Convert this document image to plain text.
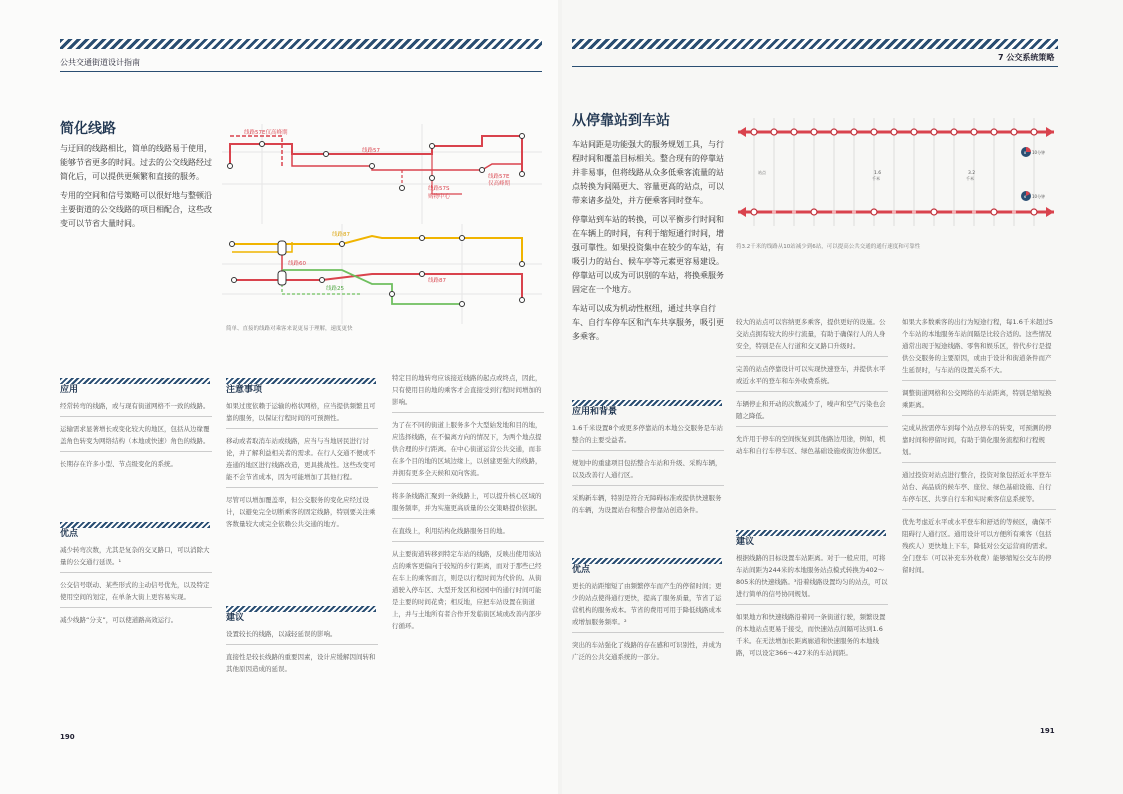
公共交通街道设计指南
简化线路

与迂回的线路相比，简单的线路易于使用，能够节省更多的时间。过去的公交线路经过简化后，可以提供更频繁和直接的服务。

专用的空间和信号策略可以很好地与整顿沿主要街道的公交线路的项目相配合，这些改变可以节省大量时间。

线路57E仅高峰期
线路57
线路57S
购物中心
线路57E
仅高峰期
线路87
线路60
线路87
线路25
简单、直接的线路对乘客来说更易于理解，速度更快
应用

经常转弯的线路，或与现有街道网格不一致的线路。

运输需求显著增长或变化较大的地区，包括从边缘覆盖角色转变为网络结构（本地或快速）角色的线路。

长期存在许多小型、节点级变化的系统。

优点

减少转弯次数，尤其是复杂的交叉路口，可以消除大量的公交通行延误。¹

公交信号联动、某些形式的主动信号优先，以及特定使用空间的划定，在单条大街上更容易实现。

减少线路“分支”，可以使道路高效运行。

注意事项

如果过度依赖于运输的格状网格，应当提供频繁且可靠的服务，以保证行程时间的可预测性。

移动或者取消车站或线路，应当与当地居民进行讨论，并了解利益相关者的需求。在行人交通不便或不连通的地区进行线路改造，更具挑战性。这些改变可能不会节省成本，因为可能增加了其他行程。

尽管可以增加覆盖率，但公交服务的变化应经过设计，以避免完全切断乘客的固定线路，特别要关注乘客数量较大或完全依赖公共交通的地方。

建议

设置较长的线路，以减轻延误的影响。

直接性是较长线路的重要因素，设计应缓解因间转和其他原因造成的延误。

特定目的地转弯应该接近线路的起点或终点，因此，只有使用目的地的乘客才会直接受到行程时间增加的影响。

为了在不同的街道上服务多个大型始发地和目的地，应选择线路，在不偏离方向的情况下，为两个地点提供合理的步行距离。在中心街道运营公共交通，而非在多个目的地的区域边缘上，以创建更强大的线路，并拥有更多全天候和双向客流。

将多条线路汇聚到一条线路上，可以提升核心区域的服务频率，并为实施更高质量的公交策略提供依据。

在直线上，利用结构化线路服务目的地。

从主要街道转移到特定车站的线路，反映出使用该站点的乘客更偏向于较短的步行距离，而对于那些已经在车上的乘客而言，则是以行程时间为代价的。从街道驶入停车区、大型开发区和校园中的通行时间可能是主要的时间花费；相反地，应把车站设置在街道上，并与土地所有者合作开发临街区域或改善内部步行循环。

190
7 公交系统策略
从停靠站到车站

车站间距是功能强大的服务规划工具，与行程时间和覆盖目标相关。整合现有的停靠站并非易事，但将线路从众多低乘客流量的站点转换为间隔更大、容量更高的站点，可以带来诸多益处，并方便乘客同时登车。

停靠站到车站的转换，可以平衡步行时间和在车辆上的时间，有利于缩短通行时间，增强可靠性。如果投资集中在较少的车站，有吸引力的站台、候车亭等元素更容易建设。停靠站可以成为可识别的车站，将换乘服务固定在一个地方。

车站可以成为机动性枢纽，通过共享自行车、自行车停车区和汽车共享服务，吸引更多乘客。

站点	1.6
千米
3.2
千米
8 10分钟
6 10分钟
将3.2千米的线路从10站减少到6站，可以提高公共交通的通行速度和可靠性
应用和背景

1.6千米设置8个或更多停靠站的本地公交服务是车站整合的主要受益者。

规划中的重建项目包括整合车站和升级、采购车辆，以及改善行人通行区。

采购新车辆，特别是符合无障碍标准或提供快速服务的车辆，为设置站台和整合停靠站创造条件。

优点

更长的站距缩短了由频繁停车而产生的停留时间；更少的站点使得通行更快，提高了服务质量，节省了运营机构的服务成本。节省的费用可用于降低线路成本或增加服务频率。²

突出的车站强化了线路的存在感和可识别性，并成为广泛的公共交通系统的一部分。

较大的站点可以容纳更多乘客，提供更好的设施。公交站点拥有较大的步行流量，有助于确保行人的人身安全，特别是在人行道和交叉路口升级时。

完善的站点停靠设计可以实现快速登车，并提供水平或近水平的登车和车外收费系统。

车辆停止和开动的次数减少了，噪声和空气污染也会随之降低。

允许用于停车的空间恢复到其他路边用途，例如，机动车和自行车停车区、绿色基础设施或街边休憩区。

建议

根据线路的目标设置车站距离。对于一般应用，可将车站间距为244米的本地服务站点模式转换为402～805米的快速线路。³沿着线路设置均匀的站点，可以进行简单的信号协同规划。

如果地方和快速线路沿着同一条街道行驶，频繁设置的本地站点更易于接受，而快速站点间隔可达到1.6千米。在无法增加长距离廊道和快速服务的本地线路，可以设定366～427米的车站间距。

如果大多数乘客的出行为短途行程，每1.6千米超过5个车站的本地服务车站间隔是比较合适的。这些情况通常出现于短途线路、零售和娱乐区，替代步行是提供公交服务的主要原因，或由于设计和街道条件而产生延误时，与车站的设置关系不大。

调整街道网格和公交网络的车站距离，特别是缩短换乘距离。

完成从按需停车到每个站点停车的转变，可预测的停靠时间和停留时间，有助于简化服务流程和行程规划。

通过投资对站点进行整合，投资对象包括近水平登车站台、高品质的候车亭、座位、绿色基础设施、自行车停车区、共享自行车和实时乘客信息系统等。

优先考虑近水平或水平登车和舒适的等候区，确保不阻碍行人通行区。通用设计可以方便所有乘客（包括残疾人）更快地上下车，降低对公交运营商的需求。全门登车（可以补充车外收费）能够缩短公交车的停留时间。

191
